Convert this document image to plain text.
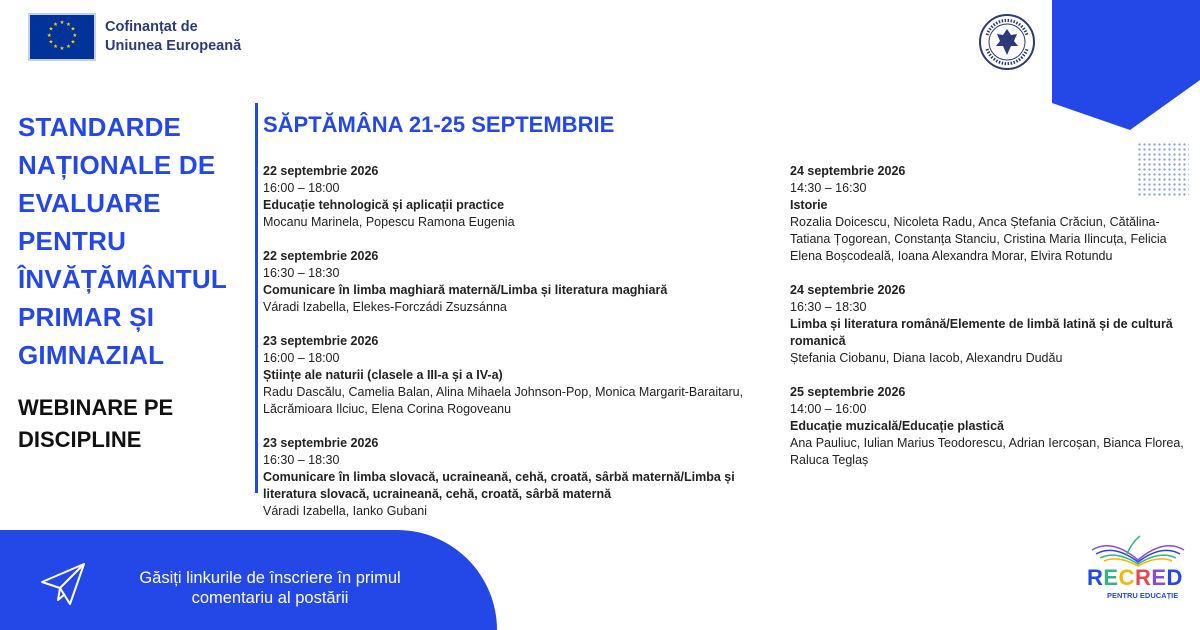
★ ★
★
★
★
★
★
★
★
★
★
★	Cofinanțat de
Uniunea Europeană
STANDARDE NAȚIONALE DE EVALUARE PENTRU ÎNVĂȚĂMÂNTUL PRIMAR ȘI GIMNAZIAL
WEBINARE PE DISCIPLINE
SĂPTĂMÂNA 21-25 SEPTEMBRIE
22 septembrie 2026
16:00 – 18:00
Educație tehnologică și aplicații practice
Mocanu Marinela, Popescu Ramona Eugenia
22 septembrie 2026
16:30 – 18:30
Comunicare în limba maghiară maternă/Limba și literatura maghiară
Váradi Izabella, Elekes-Forczádi Zsuzsánna
23 septembrie 2026
16:00 – 18:00
Științe ale naturii (clasele a III-a și a IV-a)
Radu Dascălu, Camelia Balan, Alina Mihaela Johnson-Pop, Monica Margarit-Baraitaru, Lăcrămioara Ilciuc, Elena Corina Rogoveanu
23 septembrie 2026
16:30 – 18:30
Comunicare în limba slovacă, ucraineană, cehă, croată, sârbă maternă/Limba și literatura slovacă, ucraineană, cehă, croată, sârbă maternă
Váradi Izabella, Ianko Gubani
24 septembrie 2026
14:30 – 16:30
Istorie
Rozalia Doicescu, Nicoleta Radu, Anca Ștefania Crăciun, Cătălina-Tatiana Țogorean, Constanța Stanciu, Cristina Maria Ilincuța, Felicia Elena Boșcodeală, Ioana Alexandra Morar, Elvira Rotundu
24 septembrie 2026
16:30 – 18:30
Limba și literatura română/Elemente de limbă latină și de cultură romanică
Ștefania Ciobanu, Diana Iacob, Alexandru Dudău
25 septembrie 2026
14:00 – 16:00
Educație muzicală/Educație plastică
Ana Pauliuc, Iulian Marius Teodorescu, Adrian Iercoșan, Bianca Florea, Raluca Teglaș
Găsiți linkurile de înscriere în primul comentariu al postării
RECRED
PENTRU EDUCAȚIE
